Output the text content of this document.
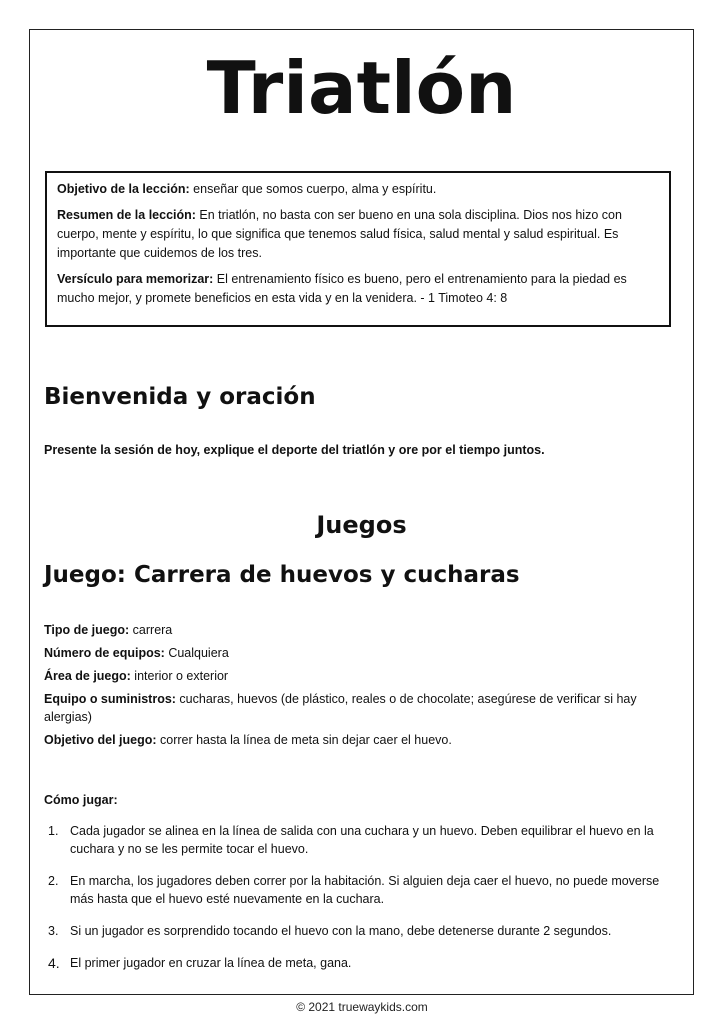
Triatlón

Objetivo de la lección: enseñar que somos cuerpo, alma y espíritu.

Resumen de la lección: En triatlón, no basta con ser bueno en una sola disciplina. Dios nos hizo con cuerpo, mente y espíritu, lo que significa que tenemos salud física, salud mental y salud espiritual. Es importante que cuidemos de los tres.

Versículo para memorizar: El entrenamiento físico es bueno, pero el entrenamiento para la piedad es mucho mejor, y promete beneficios en esta vida y en la venidera. - 1 Timoteo 4: 8

Bienvenida y oración
Presente la sesión de hoy, explique el deporte del triatlón y ore por el tiempo juntos.
Juegos
Juego: Carrera de huevos y cucharas
Tipo de juego: carrera
Número de equipos: Cualquiera
Área de juego: interior o exterior
Equipo o suministros: cucharas, huevos (de plástico, reales o de chocolate; asegúrese de verificar si hay alergias)
Objetivo del juego: correr hasta la línea de meta sin dejar caer el huevo.
Cómo jugar:
1. Cada jugador se alinea en la línea de salida con una cuchara y un huevo. Deben equilibrar el huevo en la cuchara y no se les permite tocar el huevo.
2. En marcha, los jugadores deben correr por la habitación. Si alguien deja caer el huevo, no puede moverse más hasta que el huevo esté nuevamente en la cuchara.
3. Si un jugador es sorprendido tocando el huevo con la mano, debe detenerse durante 2 segundos.
4. El primer jugador en cruzar la línea de meta, gana.
© 2021 truewaykids.com
